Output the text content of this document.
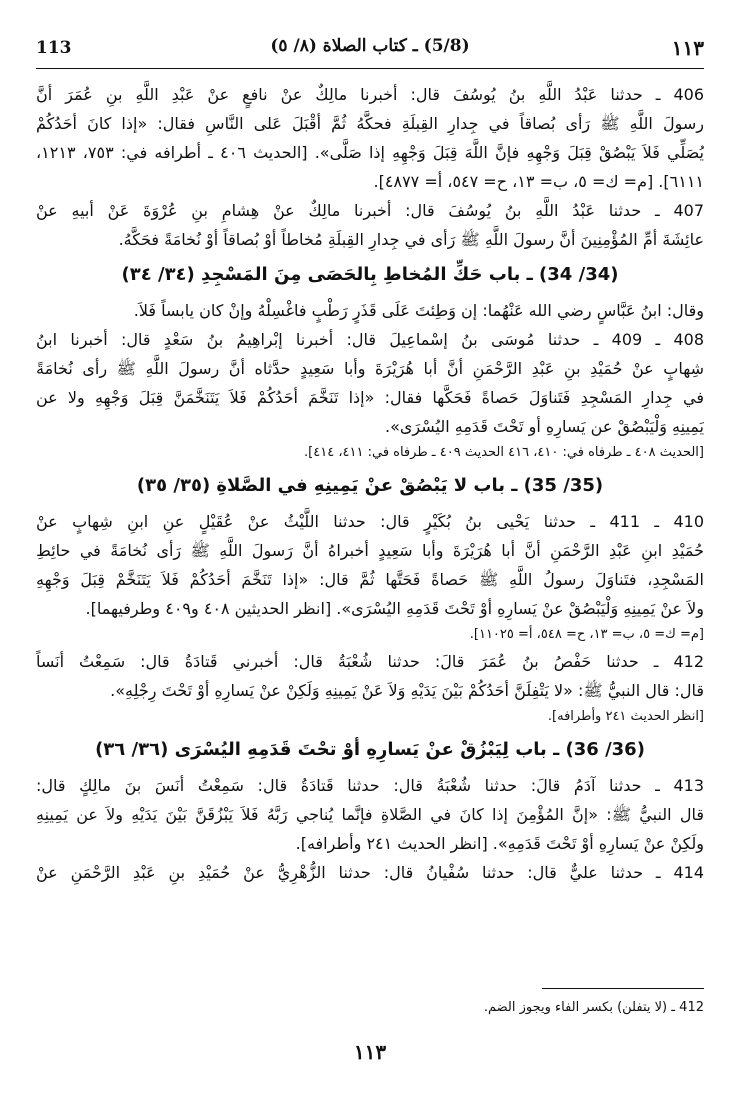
١١٣
(5/8) ـ كتاب الصلاة (٨/ ٥)
113

406 ـ حدثنا عَبْدُ اللَّهِ بنُ يُوسُفَ قال: أخبرنا مالِكٌ عنْ نافعٍ عنْ عَبْدِ اللَّهِ بنِ عُمَرَ أنَّ

رسولَ اللَّهِ ﷺ رَأى بُصاقاً في جِدارِ القِبلَةِ فحكَّهُ ثُمَّ أقْبَلَ عَلى النَّاسِ فقال: «إذا كانَ أحَدُكُمْ

يُصَلِّي فَلاَ يَبْصُقْ قِبَلَ وَجْهِهِ فإنَّ اللَّهَ قِبَلَ وَجْهِهِ إذا صَلَّى». [الحديث ٤٠٦ ـ أطرافه في: ٧٥٣، ١٢١٣،

٦١١١]. [م= ك= ٥، ب= ١٣، ح= ٥٤٧، أ= ٤٨٧٧].

407 ـ حدثنا عَبْدُ اللَّهِ بنُ يُوسُفَ قال: أخبرنا مالِكٌ عنْ هِشامِ بنِ عُرْوَةَ عَنْ أبيهِ عنْ

عائِشَةَ أمِّ المُؤْمِنِينَ أنَّ رسولَ اللَّهِ ﷺ رَأى في جِدارِ القِبلَةِ مُخاطاً أوْ بُصاقاً أوْ نُخامَةً فحَكَّهُ.

(34/ 34) ـ باب حَكِّ المُخاطِ بِالحَصَى مِنَ المَسْجِدِ (٣٤/ ٣٤)

وقال: ابنُ عَبَّاسٍ رضي الله عَنْهُما: إن وَطِئتَ عَلَى قَذَرٍ رَطْبٍ فاغْسِلْهُ وإنْ كان يابساً فَلاَ.

408 ـ 409 ـ حدثنا مُوسَى بنُ إسْماعِيلَ قال: أخبرنا إبْراهِيمُ بنُ سَعْدٍ قال: أخبرنا ابنُ

شِهابٍ عنْ حُمَيْدِ بنِ عَبْدِ الرَّحْمَنِ أنَّ أبا هُرَيْرَةَ وأبا سَعِيدٍ حدَّثاه أنَّ رسولَ اللَّهِ ﷺ رأى نُخامَةً

في جِدارِ المَسْجِدِ فَتَناوَلَ حَصاةً فَحَكَّها فقال: «إذا تَنَخَّمَ أحَدُكُمْ فَلاَ يَتَنَخَّمَنَّ قِبَلَ وَجْهِهِ ولا عن

يَمِينِهِ وَلْيَبْصُقْ عن يَسارِهِ أو تَحْتَ قَدَمِهِ اليُسْرَى».

[الحديث ٤٠٨ ـ طرفاه في: ٤١٠، ٤١٦ الحديث ٤٠٩ ـ طرفاه في: ٤١١، ٤١٤].

(35/ 35) ـ باب لا يَبْصُقْ عنْ يَمِينِهِ في الصَّلاةِ (٣٥/ ٣٥)

410 ـ 411 ـ حدثنا يَحْيى بنُ بُكَيْرٍ قال: حدثنا اللَّيْثُ عنْ عُقَيْلٍ عنِ ابنِ شِهابٍ عنْ

حُمَيْدِ ابنِ عَبْدِ الرَّحْمَنِ أنَّ أبا هُرَيْرَةَ وأبا سَعِيدٍ أخبراهُ أنَّ رَسولَ اللَّهِ ﷺ رَأى نُخامَةً في حائِطِ

المَسْجِدِ، فتَناوَلَ رسولُ اللَّهِ ﷺ حَصاةً فَحَتَّها ثُمَّ قال: «إذا تَنَخَّمَ أحَدُكُمْ فَلاَ يَتَنَخَّمْ قِبَلَ وَجْهِهِ

ولاَ عنْ يَمِينِهِ وَلْيَبْصُقْ عنْ يَسارِهِ أوْ تَحْتَ قَدَمِهِ اليُسْرَى». [انظر الحديثين ٤٠٨ و٤٠٩ وطرفيهما].

[م= ك= ٥، ب= ١٣، ح= ٥٤٨، أ= ١١٠٢٥].

412 ـ حدثنا حَفْصُ بنُ عُمَرَ قالَ: حدثنا شُعْبَةُ قال: أخبرني قَتادَةُ قال: سَمِعْتُ أنَساً

قال: قال النبيُّ ﷺ: «لا يَتْفِلَنَّ أحَدُكُمْ بَيْنَ يَدَيْهِ وَلاَ عَنْ يَمِينِهِ وَلَكِنْ عنْ يَسارِهِ أوْ تَحْتَ رِجْلِهِ».

[انظر الحديث ٢٤١ وأطرافه].

(36/ 36) ـ باب لِيَبْزُقْ عنْ يَسارِهِ أوْ تحْتَ قَدَمِهِ اليُسْرَى (٣٦/ ٣٦)

413 ـ حدثنا آدَمُ قالَ: حدثنا شُعْبَةُ قال: حدثنا قَتادَةُ قال: سَمِعْتُ أنَسَ بنَ مالِكٍ قال:

قال النبيُّ ﷺ: «إنَّ المُؤْمِنَ إذا كانَ في الصَّلاةِ فإنَّما يُناجي رَبَّهُ فَلاَ يَبْزُقَنَّ بَيْنَ يَدَيْهِ ولاَ عن يَمِينِهِ

ولَكِنْ عنْ يَسارِهِ أوْ تَحْتَ قَدَمِهِ». [انظر الحديث ٢٤١ وأطرافه].

414 ـ حدثنا عليٌّ قال: حدثنا سُفْيانُ قال: حدثنا الزُّهْرِيُّ عنْ حُمَيْدِ بنِ عَبْدِ الرَّحْمَنِ عنْ

412 ـ (لا يتفلن) بكسر الفاء ويجوز الضم.
١١٣
